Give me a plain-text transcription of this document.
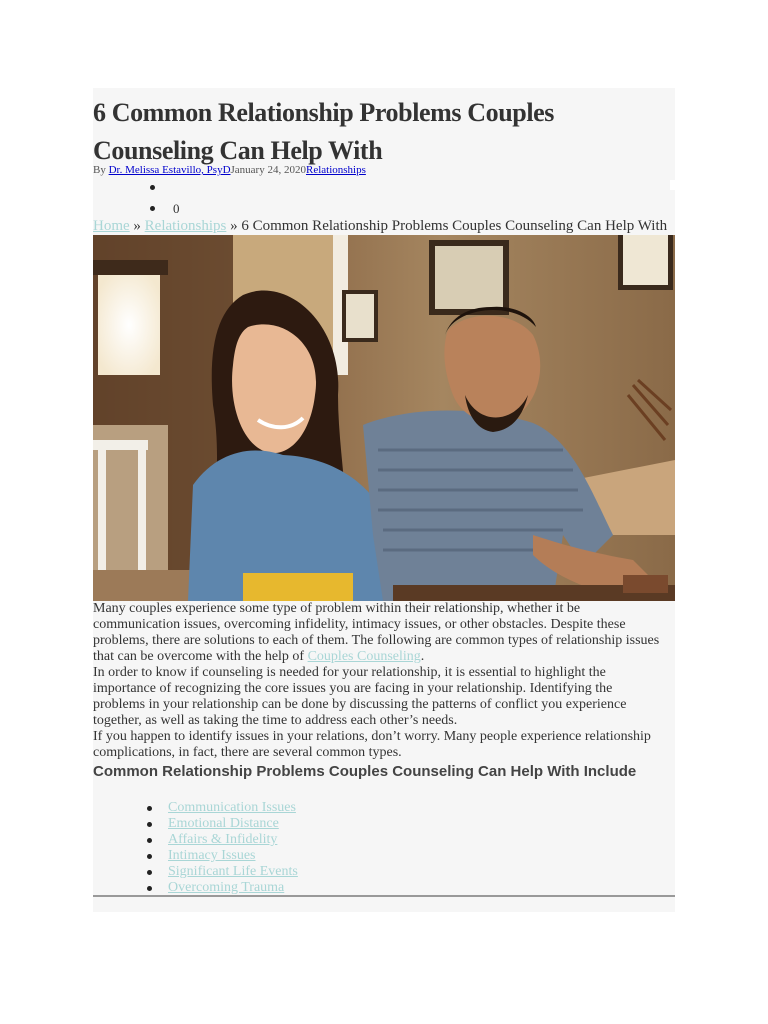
6 Common Relationship Problems Couples Counseling Can Help With
By Dr. Melissa Estavillo, PsyDJanuary 24, 2020Relationships
0
Home » Relationships » 6 Common Relationship Problems Couples Counseling Can Help With

Many couples experience some type of problem within their relationship, whether it be communication issues, overcoming infidelity, intimacy issues, or other obstacles. Despite these problems, there are solutions to each of them. The following are common types of relationship issues that can be overcome with the help of Couples Counseling.

In order to know if counseling is needed for your relationship, it is essential to highlight the importance of recognizing the core issues you are facing in your relationship. Identifying the problems in your relationship can be done by discussing the patterns of conflict you experience together, as well as taking the time to address each other’s needs.

If you happen to identify issues in your relations, don’t worry. Many people experience relationship complications, in fact, there are several common types.

Common Relationship Problems Couples Counseling Can Help With Include
Communication Issues
Emotional Distance
Affairs & Infidelity
Intimacy Issues
Significant Life Events
Overcoming Trauma
